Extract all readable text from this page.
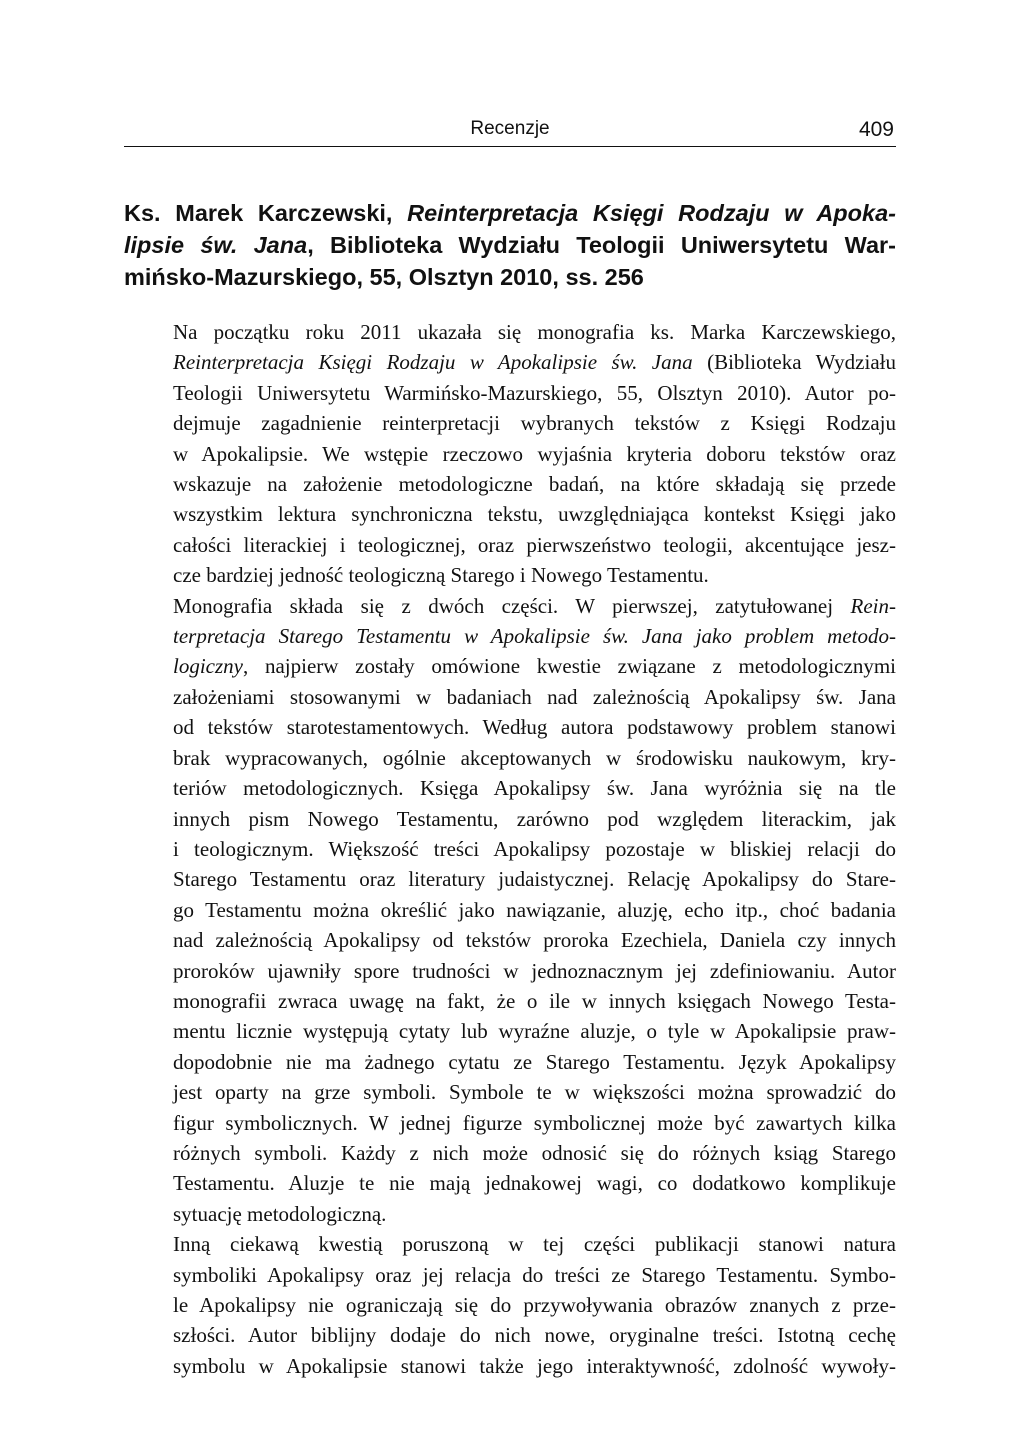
Recenzje	409
Ks. Marek Karczewski, Reinterpretacja Księgi Rodzaju w Apoka-
lipsie św. Jana, Biblioteka Wydziału Teologii Uniwersytetu War-
mińsko-Mazurskiego, 55, Olsztyn 2010, ss. 256

Na początku roku 2011 ukazała się monografia ks. Marka Karczewskiego,
Reinterpretacja Księgi Rodzaju w Apokalipsie św. Jana (Biblioteka Wydziału
Teologii Uniwersytetu Warmińsko-Mazurskiego, 55, Olsztyn 2010). Autor po-
dejmuje zagadnienie reinterpretacji wybranych tekstów z Księgi Rodzaju
w Apokalipsie. We wstępie rzeczowo wyjaśnia kryteria doboru tekstów oraz
wskazuje na założenie metodologiczne badań, na które składają się przede
wszystkim lektura synchroniczna tekstu, uwzględniająca kontekst Księgi jako
całości literackiej i teologicznej, oraz pierwszeństwo teologii, akcentujące jesz-
cze bardziej jedność teologiczną Starego i Nowego Testamentu.

Monografia składa się z dwóch części. W pierwszej, zatytułowanej Rein-
terpretacja Starego Testamentu w Apokalipsie św. Jana jako problem metodo-
logiczny, najpierw zostały omówione kwestie związane z metodologicznymi
założeniami stosowanymi w badaniach nad zależnością Apokalipsy św. Jana
od tekstów starotestamentowych. Według autora podstawowy problem stanowi
brak wypracowanych, ogólnie akceptowanych w środowisku naukowym, kry-
teriów metodologicznych. Księga Apokalipsy św. Jana wyróżnia się na tle
innych pism Nowego Testamentu, zarówno pod względem literackim, jak
i teologicznym. Większość treści Apokalipsy pozostaje w bliskiej relacji do
Starego Testamentu oraz literatury judaistycznej. Relację Apokalipsy do Stare-
go Testamentu można określić jako nawiązanie, aluzję, echo itp., choć badania
nad zależnością Apokalipsy od tekstów proroka Ezechiela, Daniela czy innych
proroków ujawniły spore trudności w jednoznacznym jej zdefiniowaniu. Autor
monografii zwraca uwagę na fakt, że o ile w innych księgach Nowego Testa-
mentu licznie występują cytaty lub wyraźne aluzje, o tyle w Apokalipsie praw-
dopodobnie nie ma żadnego cytatu ze Starego Testamentu. Język Apokalipsy
jest oparty na grze symboli. Symbole te w większości można sprowadzić do
figur symbolicznych. W jednej figurze symbolicznej może być zawartych kilka
różnych symboli. Każdy z nich może odnosić się do różnych ksiąg Starego
Testamentu. Aluzje te nie mają jednakowej wagi, co dodatkowo komplikuje
sytuację metodologiczną.

Inną ciekawą kwestią poruszoną w tej części publikacji stanowi natura
symboliki Apokalipsy oraz jej relacja do treści ze Starego Testamentu. Symbo-
le Apokalipsy nie ograniczają się do przywoływania obrazów znanych z prze-
szłości. Autor biblijny dodaje do nich nowe, oryginalne treści. Istotną cechę
symbolu w Apokalipsie stanowi także jego interaktywność, zdolność wywoły-
